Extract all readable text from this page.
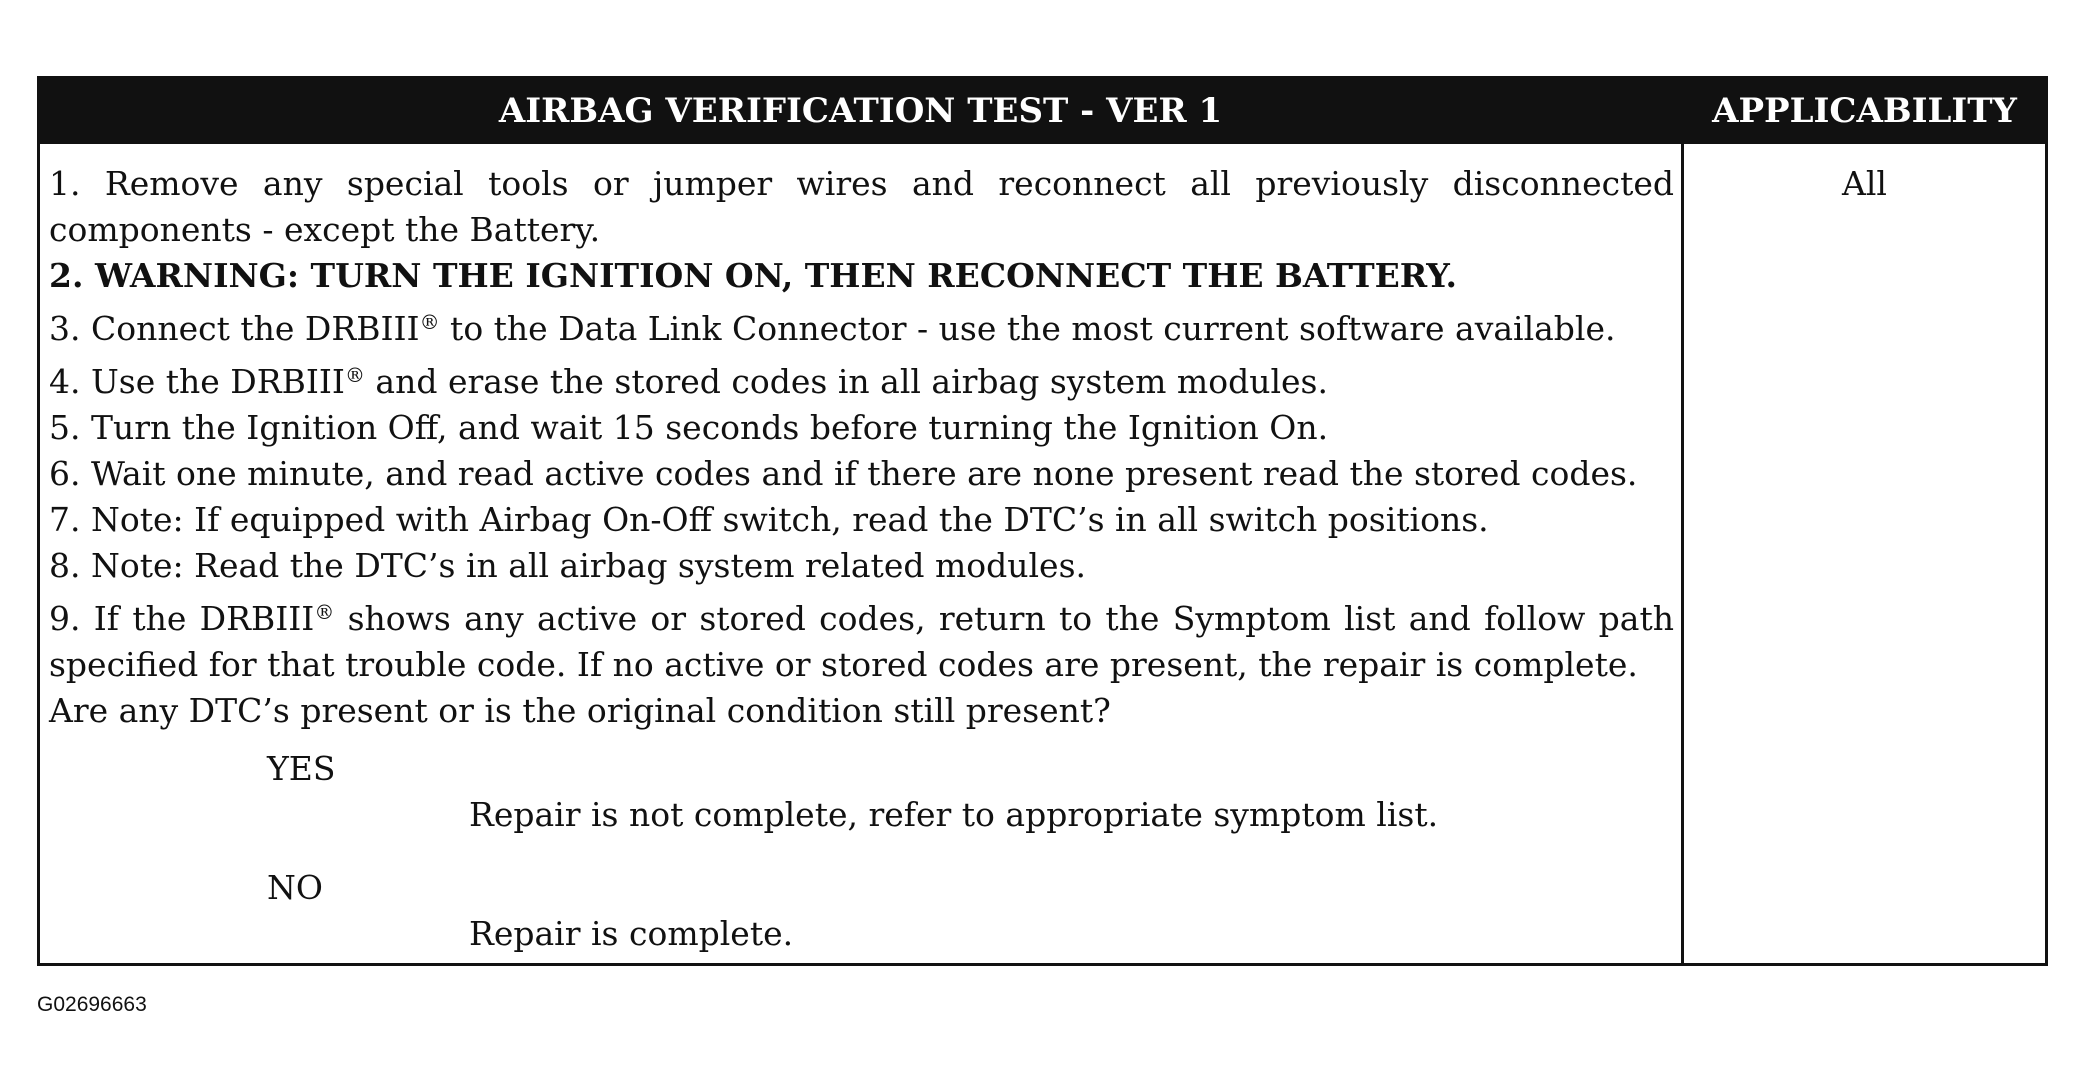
AIRBAG VERIFICATION TEST - VER 1	APPLICABILITY

1. Remove any special tools or jumper wires and reconnect all previously disconnected components - except the Battery.

2. WARNING: TURN THE IGNITION ON, THEN RECONNECT THE BATTERY.

3. Connect the DRBIII® to the Data Link Connector - use the most current software available.

4. Use the DRBIII® and erase the stored codes in all airbag system modules.

5. Turn the Ignition Off, and wait 15 seconds before turning the Ignition On.

6. Wait one minute, and read active codes and if there are none present read the stored codes.

7. Note: If equipped with Airbag On-Off switch, read the DTC’s in all switch positions.

8. Note: Read the DTC’s in all airbag system related modules.

9. If the DRBIII® shows any active or stored codes, return to the Symptom list and follow path specified for that trouble code. If no active or stored codes are present, the repair is complete.

Are any DTC’s present or is the original condition still present?

YES

Repair is not complete, refer to appropriate symptom list.

NO

Repair is complete.

All
G02696663
